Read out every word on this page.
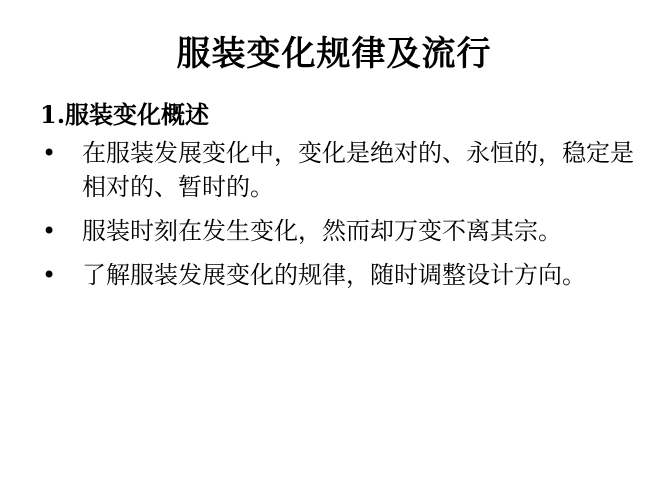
服装变化规律及流行
1.服装变化概述
• 在服装发展变化中，变化是绝对的、永恒的，稳定是相对的、暂时的。
• 服装时刻在发生变化，然而却万变不离其宗。
• 了解服装发展变化的规律，随时调整设计方向。
